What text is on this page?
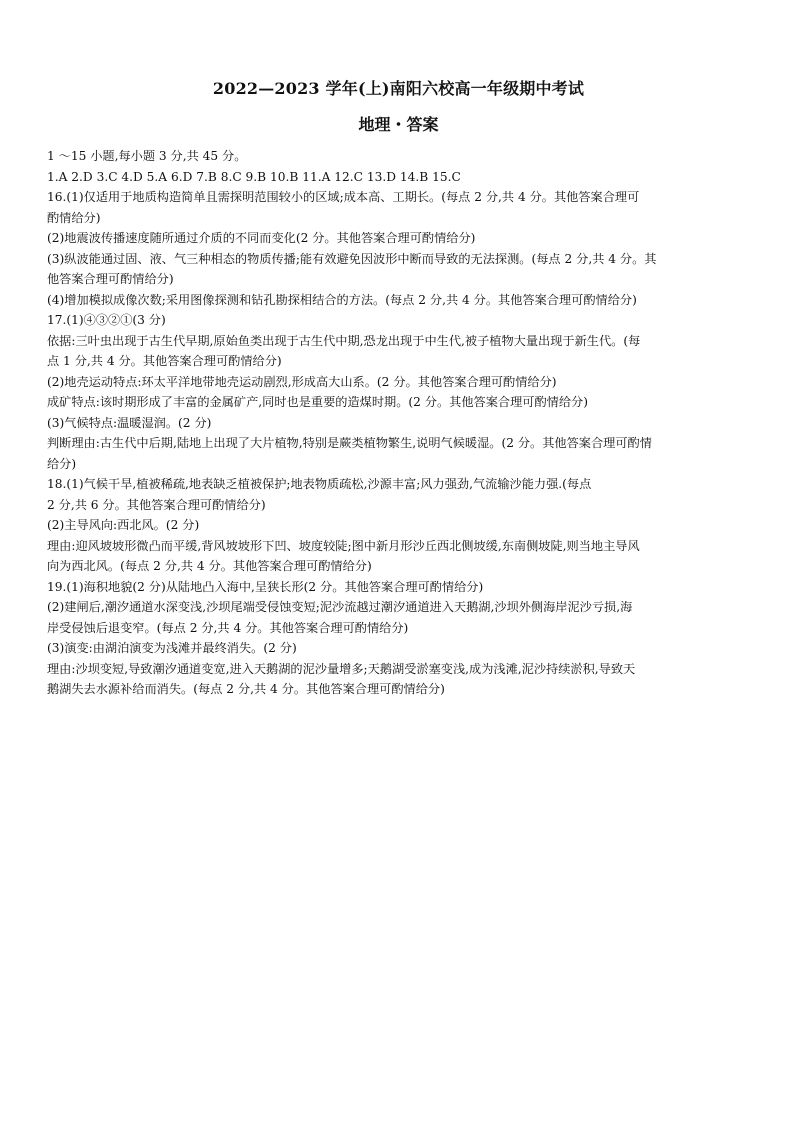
2022—2023 学年(上)南阳六校高一年级期中考试
地理・答案
1 ～15 小题,每小题 3 分,共 45 分。
1.A 2.D 3.C 4.D 5.A 6.D 7.B 8.C 9.B 10.B 11.A 12.C 13.D 14.B 15.C
16.(1)仅适用于地质构造简单且需探明范围较小的区域;成本高、工期长。(每点 2 分,共 4 分。其他答案合理可
酌情给分)
(2)地震波传播速度随所通过介质的不同而变化(2 分。其他答案合理可酌情给分)
(3)纵波能通过固、液、气三种相态的物质传播;能有效避免因波形中断而导致的无法探测。(每点 2 分,共 4 分。其
他答案合理可酌情给分)
(4)增加模拟成像次数;采用图像探测和钻孔勘探相结合的方法。(每点 2 分,共 4 分。其他答案合理可酌情给分)
17.(1)④③②①(3 分)
依据:三叶虫出现于古生代早期,原始鱼类出现于古生代中期,恐龙出现于中生代,被子植物大量出现于新生代。(每
点 1 分,共 4 分。其他答案合理可酌情给分)
(2)地壳运动特点:环太平洋地带地壳运动剧烈,形成高大山系。(2 分。其他答案合理可酌情给分)
成矿特点:该时期形成了丰富的金属矿产,同时也是重要的造煤时期。(2 分。其他答案合理可酌情给分)
(3)气候特点:温暖湿润。(2 分)
判断理由:古生代中后期,陆地上出现了大片植物,特别是蕨类植物繁生,说明气候暖湿。(2 分。其他答案合理可酌情
给分)
18.(1)气候干旱,植被稀疏,地表缺乏植被保护;地表物质疏松,沙源丰富;风力强劲,气流输沙能力强.(每点
2 分,共 6 分。其他答案合理可酌情给分)
(2)主导风向:西北风。(2 分)
理由:迎风坡坡形微凸而平缓,背风坡坡形下凹、坡度较陡;图中新月形沙丘西北侧坡缓,东南侧坡陡,则当地主导风
向为西北风。(每点 2 分,共 4 分。其他答案合理可酌情给分)
19.(1)海积地貌(2 分)从陆地凸入海中,呈狭长形(2 分。其他答案合理可酌情给分)
(2)建闸后,潮汐通道水深变浅,沙坝尾端受侵蚀变短;泥沙流越过潮汐通道进入天鹅湖,沙坝外侧海岸泥沙亏损,海
岸受侵蚀后退变窄。(每点 2 分,共 4 分。其他答案合理可酌情给分)
(3)演变:由湖泊演变为浅滩并最终消失。(2 分)
理由:沙坝变短,导致潮汐通道变宽,进入天鹅湖的泥沙量增多;天鹅湖受淤塞变浅,成为浅滩,泥沙持续淤积,导致天
鹅湖失去水源补给而消失。(每点 2 分,共 4 分。其他答案合理可酌情给分)
